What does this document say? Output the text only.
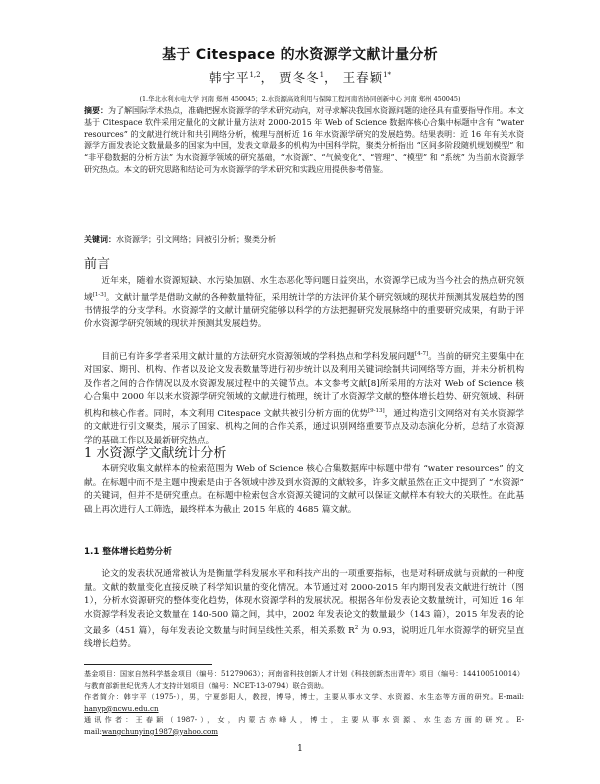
基于 Citespace 的水资源学文献计量分析
韩宇平$^{1,2}$， 贾冬冬$^1$， 王春颖$^{1*}$
(1.华北水利水电大学 河南 郑州 450045；2.水资源高效利用与保障工程河南省协同创新中心 河南 郑州 450045)
摘要：为了解国际学术热点，准确把握水资源学的学术研究动向，对寻求解决我国水资源问题的途径具有重要指导作用。本文基于 Citespace 软件采用定量化的文献计量方法对 2000-2015 年 Web of Science 数据库核心合集中标题中含有 “water resources” 的文献进行统计和共引网络分析，梳理与剖析近 16 年水资源学研究的发展趋势。结果表明：近 16 年有关水资源学方面发表论文数量最多的国家为中国，发表文章最多的机构为中国科学院，聚类分析指出 “区间多阶段随机规划模型” 和 “非平稳数据的分析方法” 为水资源学领域的研究基础，“水资源”、“气候变化”、“管理”、“模型” 和 “系统” 为当前水资源学研究热点。本文的研究思路和结论可为水资源学的学术研究和实践应用提供参考借鉴。
关键词：水资源学；引文网络；同被引分析；聚类分析
前言

近年来，随着水资源短缺、水污染加剧、水生态恶化等问题日益突出，水资源学已成为当今社会的热点研究领域[1-3]。文献计量学是借助文献的各种数量特征，采用统计学的方法评价某个研究领域的现状并预测其发展趋势的图书情报学的分支学科。水资源学的文献计量研究能够以科学的方法把握研究发展脉络中的重要研究成果，有助于评价水资源学研究领域的现状并预测其发展趋势。

目前已有许多学者采用文献计量的方法研究水资源领域的学科热点和学科发展问题[4-7]。当前的研究主要集中在对国家、期刊、机构、作者以及论文发表数量等进行初步统计以及利用关键词绘制共词网络等方面，并未分析机构及作者之间的合作情况以及水资源发展过程中的关键节点。本文参考文献[8]所采用的方法对 Web of Science 核心合集中 2000 年以来水资源学研究领域的文献进行梳理，统计了水资源学文献的整体增长趋势、研究领域、科研机构和核心作者。同时，本文利用 Citespace 文献共被引分析方面的优势[9-13]，通过构造引文网络对有关水资源学的文献进行引文聚类，展示了国家、机构之间的合作关系，通过识别网络重要节点及动态演化分析，总结了水资源学的基础工作以及最新研究热点。

1 水资源学文献统计分析

本研究收集文献样本的检索范围为 Web of Science 核心合集数据库中标题中带有 “water resources” 的文献。在标题中而不是主题中搜索是由于各领域中涉及到水资源的文献较多，许多文献虽然在正文中提到了 “水资源” 的关键词，但并不是研究重点。在标题中检索包含水资源关键词的文献可以保证文献样本有较大的关联性。在此基础上再次进行人工筛选，最终样本为截止 2015 年底的 4685 篇文献。

1.1 整体增长趋势分析

论文的发表状况通常被认为是衡量学科发展水平和科技产出的一项重要指标，也是对科研成就与贡献的一种度量。文献的数量变化直接反映了科学知识量的变化情况。本节通过对 2000-2015 年内期刊发表文献进行统计（图 1），分析水资源研究的整体变化趋势，体现水资源学科的发展状况。根据各年份发表论文数量统计，可知近 16 年水资源学科发表论文数量在 140-500 篇之间，其中，2002 年发表论文的数量最少（143 篇），2015 年发表的论文最多（451 篇），每年发表论文数量与时间呈线性关系，相关系数 $R^2$ 为 0.93，说明近几年水资源学的研究呈直线增长趋势。

基金项目：国家自然科学基金项目（编号：51279063）；河南省科技创新人才计划《科技创新杰出青年》项目（编号：144100510014）与教育部新世纪优秀人才支持计划项目（编号：NCET-13-0794）联合资助。
作者简介：韩宇平（1975-），男，宁夏彭阳人，教授，博导，博士，主要从事水文学、水资源、水生态等方面的研究。E-mail: hanyp@ncwu.edu.cn
通讯作者：王春颖（1987-），女，内蒙古赤峰人，博士，主要从事水资源、水生态方面的研究。E-mail:wangchunying1987@yahoo.com
1
